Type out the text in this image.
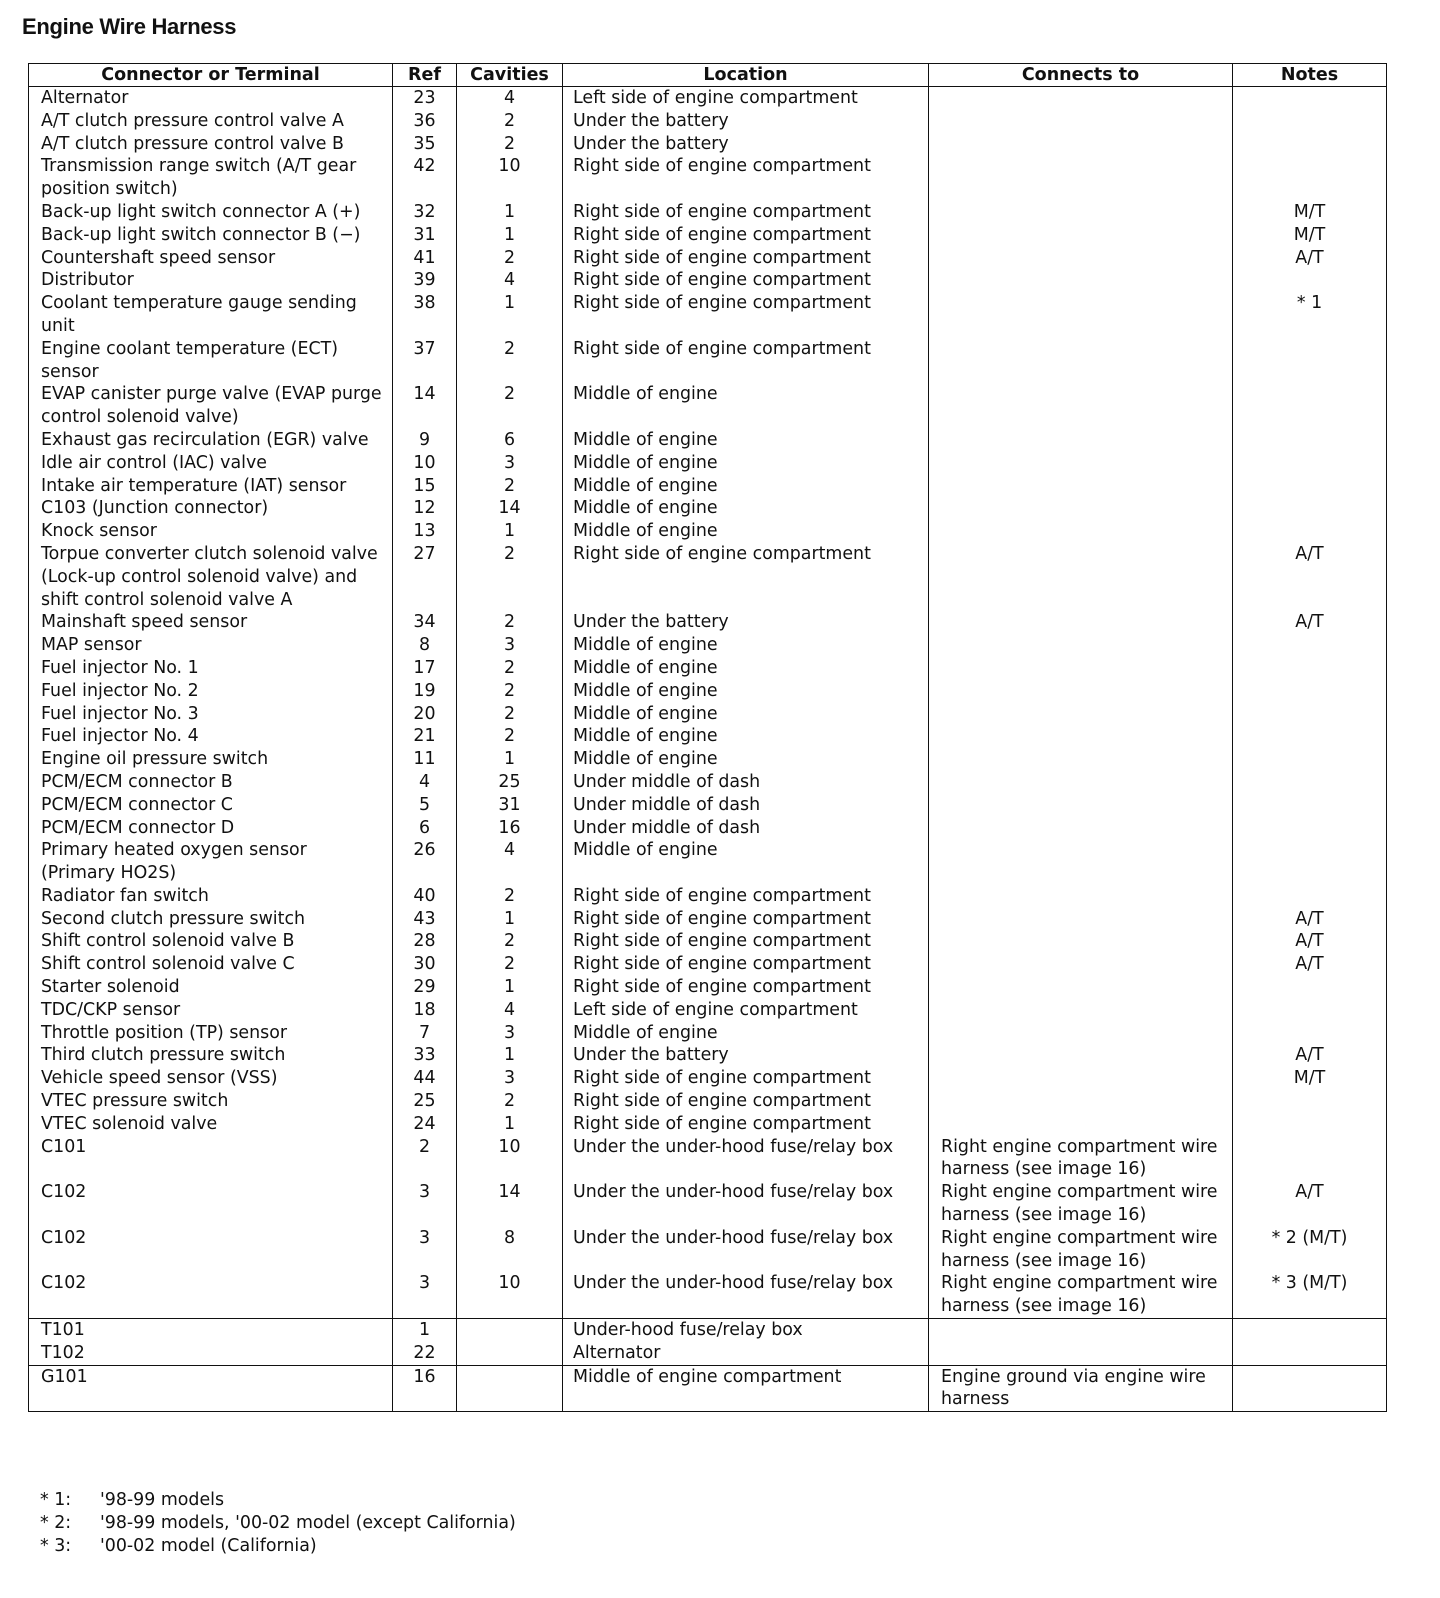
Engine Wire Harness
Connector or Terminal	Ref	Cavities	Location	Connects to	Notes
Alternator	23	4	Left side of engine compartment		
A/T clutch pressure control valve A	36	2	Under the battery		
A/T clutch pressure control valve B	35	2	Under the battery		
Transmission range switch (A/T gear position switch)	42	10	Right side of engine compartment		
Back-up light switch connector A (+)	32	1	Right side of engine compartment		M/T
Back-up light switch connector B (−)	31	1	Right side of engine compartment		M/T
Countershaft speed sensor	41	2	Right side of engine compartment		A/T
Distributor	39	4	Right side of engine compartment		
Coolant temperature gauge sending unit	38	1	Right side of engine compartment		* 1
Engine coolant temperature (ECT) sensor	37	2	Right side of engine compartment		
EVAP canister purge valve (EVAP purge control solenoid valve)	14	2	Middle of engine		
Exhaust gas recirculation (EGR) valve	9	6	Middle of engine		
Idle air control (IAC) valve	10	3	Middle of engine		
Intake air temperature (IAT) sensor	15	2	Middle of engine		
C103 (Junction connector)	12	14	Middle of engine		
Knock sensor	13	1	Middle of engine		
Torpue converter clutch solenoid valve (Lock-up control solenoid valve) and shift control solenoid valve A	27	2	Right side of engine compartment		A/T
Mainshaft speed sensor	34	2	Under the battery		A/T
MAP sensor	8	3	Middle of engine		
Fuel injector No. 1	17	2	Middle of engine		
Fuel injector No. 2	19	2	Middle of engine		
Fuel injector No. 3	20	2	Middle of engine		
Fuel injector No. 4	21	2	Middle of engine		
Engine oil pressure switch	11	1	Middle of engine		
PCM/ECM connector B	4	25	Under middle of dash		
PCM/ECM connector C	5	31	Under middle of dash		
PCM/ECM connector D	6	16	Under middle of dash		
Primary heated oxygen sensor (Primary HO2S)	26	4	Middle of engine		
Radiator fan switch	40	2	Right side of engine compartment		
Second clutch pressure switch	43	1	Right side of engine compartment		A/T
Shift control solenoid valve B	28	2	Right side of engine compartment		A/T
Shift control solenoid valve C	30	2	Right side of engine compartment		A/T
Starter solenoid	29	1	Right side of engine compartment		
TDC/CKP sensor	18	4	Left side of engine compartment		
Throttle position (TP) sensor	7	3	Middle of engine		
Third clutch pressure switch	33	1	Under the battery		A/T
Vehicle speed sensor (VSS)	44	3	Right side of engine compartment		M/T
VTEC pressure switch	25	2	Right side of engine compartment		
VTEC solenoid valve	24	1	Right side of engine compartment		
C101	2	10	Under the under-hood fuse/relay box	Right engine compartment wire harness (see image 16)	
C102	3	14	Under the under-hood fuse/relay box	Right engine compartment wire harness (see image 16)	A/T
C102	3	8	Under the under-hood fuse/relay box	Right engine compartment wire harness (see image 16)	* 2 (M/T)
C102	3	10	Under the under-hood fuse/relay box	Right engine compartment wire harness (see image 16)	* 3 (M/T)
T101	1		Under-hood fuse/relay box		
T102	22		Alternator		
G101	16		Middle of engine compartment	Engine ground via engine wire harness	
* 1:	'98-99 models
* 2:	'98-99 models, '00-02 model (except California)
* 3:	'00-02 model (California)
